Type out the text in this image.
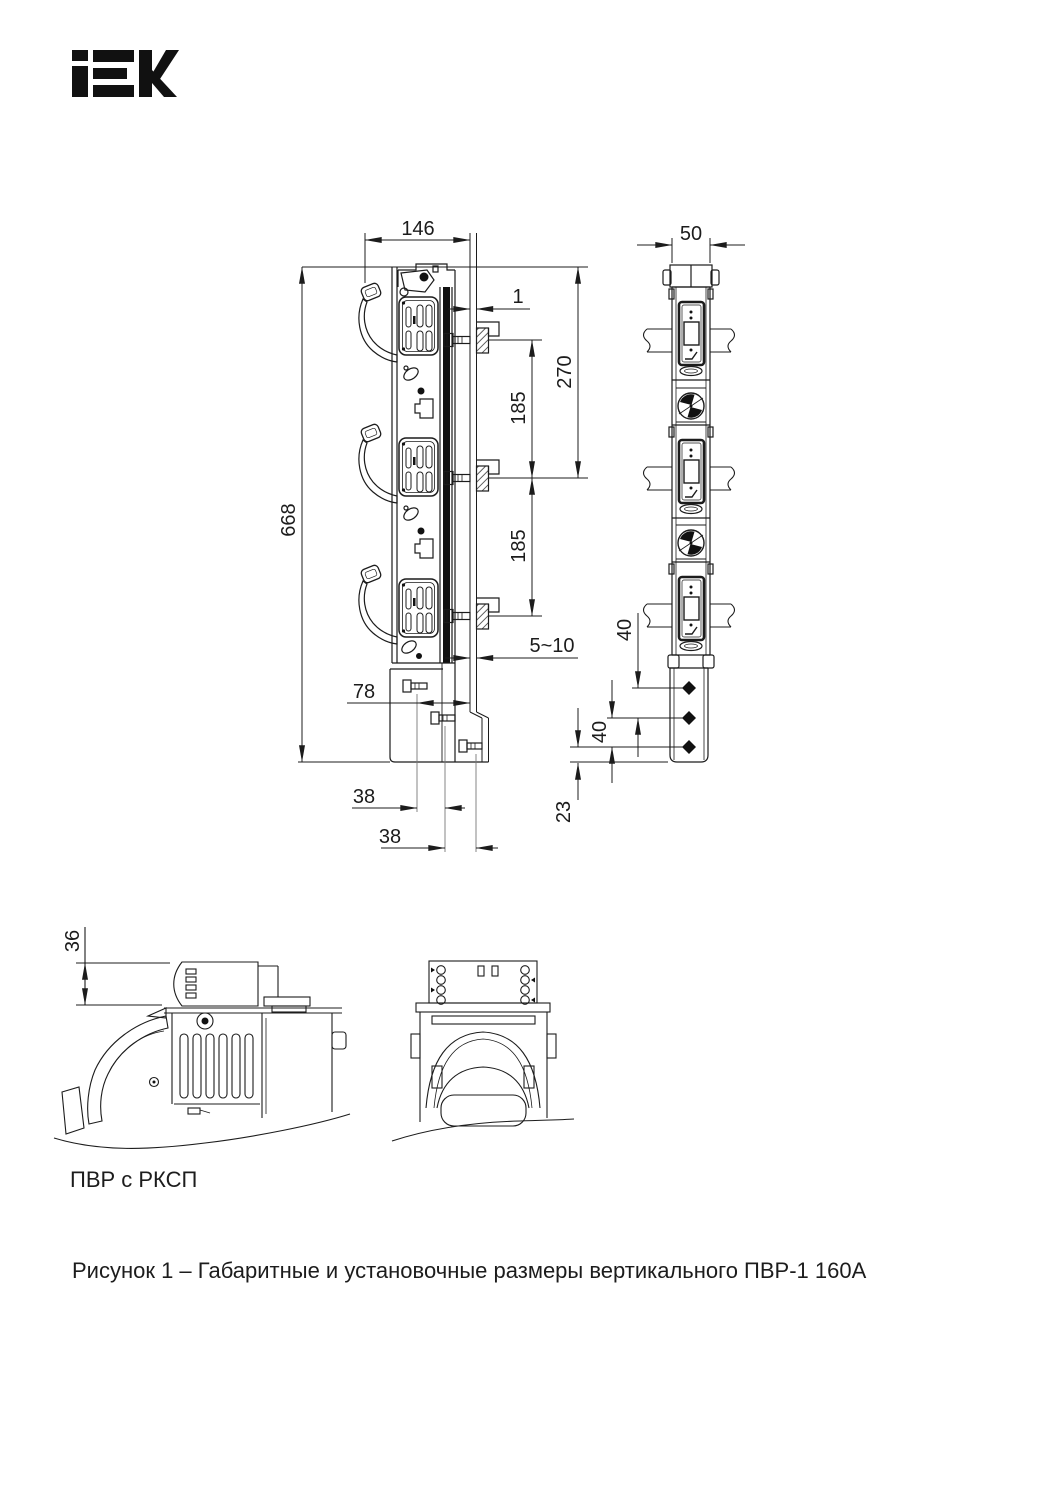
146
668
1
270
185
185
5~10
78
38
38
50
40
40
23
36
ПВР с РКСП
Рисунок 1 – Габаритные и установочные размеры вертикального ПВР-1 160А
